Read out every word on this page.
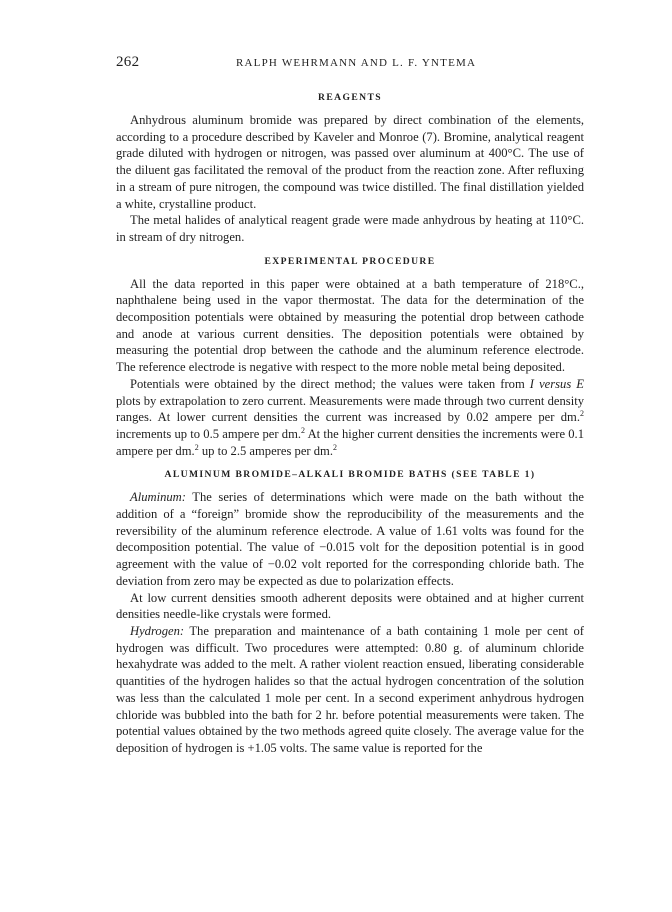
262	RALPH WEHRMANN AND L. F. YNTEMA
REAGENTS

Anhydrous aluminum bromide was prepared by direct combination of the elements, according to a procedure described by Kaveler and Monroe (7). Bromine, analytical reagent grade diluted with hydrogen or nitrogen, was passed over aluminum at 400°C. The use of the diluent gas facilitated the removal of the product from the reaction zone. After refluxing in a stream of pure nitrogen, the compound was twice distilled. The final distillation yielded a white, crystalline product.

The metal halides of analytical reagent grade were made anhydrous by heating at 110°C. in stream of dry nitrogen.

EXPERIMENTAL PROCEDURE

All the data reported in this paper were obtained at a bath temperature of 218°C., naphthalene being used in the vapor thermostat. The data for the determination of the decomposition potentials were obtained by measuring the potential drop between cathode and anode at various current densities. The deposition potentials were obtained by measuring the potential drop between the cathode and the aluminum reference electrode. The reference electrode is negative with respect to the more noble metal being deposited.

Potentials were obtained by the direct method; the values were taken from I versus E plots by extrapolation to zero current. Measurements were made through two current density ranges. At lower current densities the current was increased by 0.02 ampere per dm.$^2$ increments up to 0.5 ampere per dm.$^2$ At the higher current densities the increments were 0.1 ampere per dm.$^2$ up to 2.5 amperes per dm.$^2$

ALUMINUM BROMIDE–ALKALI BROMIDE BATHS (SEE TABLE 1)

Aluminum: The series of determinations which were made on the bath without the addition of a “foreign” bromide show the reproducibility of the measurements and the reversibility of the aluminum reference electrode. A value of 1.61 volts was found for the decomposition potential. The value of −0.015 volt for the deposition potential is in good agreement with the value of −0.02 volt reported for the corresponding chloride bath. The deviation from zero may be expected as due to polarization effects.

At low current densities smooth adherent deposits were obtained and at higher current densities needle-like crystals were formed.

Hydrogen: The preparation and maintenance of a bath containing 1 mole per cent of hydrogen was difficult. Two procedures were attempted: 0.80 g. of aluminum chloride hexahydrate was added to the melt. A rather violent reaction ensued, liberating considerable quantities of the hydrogen halides so that the actual hydrogen concentration of the solution was less than the calculated 1 mole per cent. In a second experiment anhydrous hydrogen chloride was bubbled into the bath for 2 hr. before potential measurements were taken. The potential values obtained by the two methods agreed quite closely. The average value for the deposition of hydrogen is +1.05 volts. The same value is reported for the
